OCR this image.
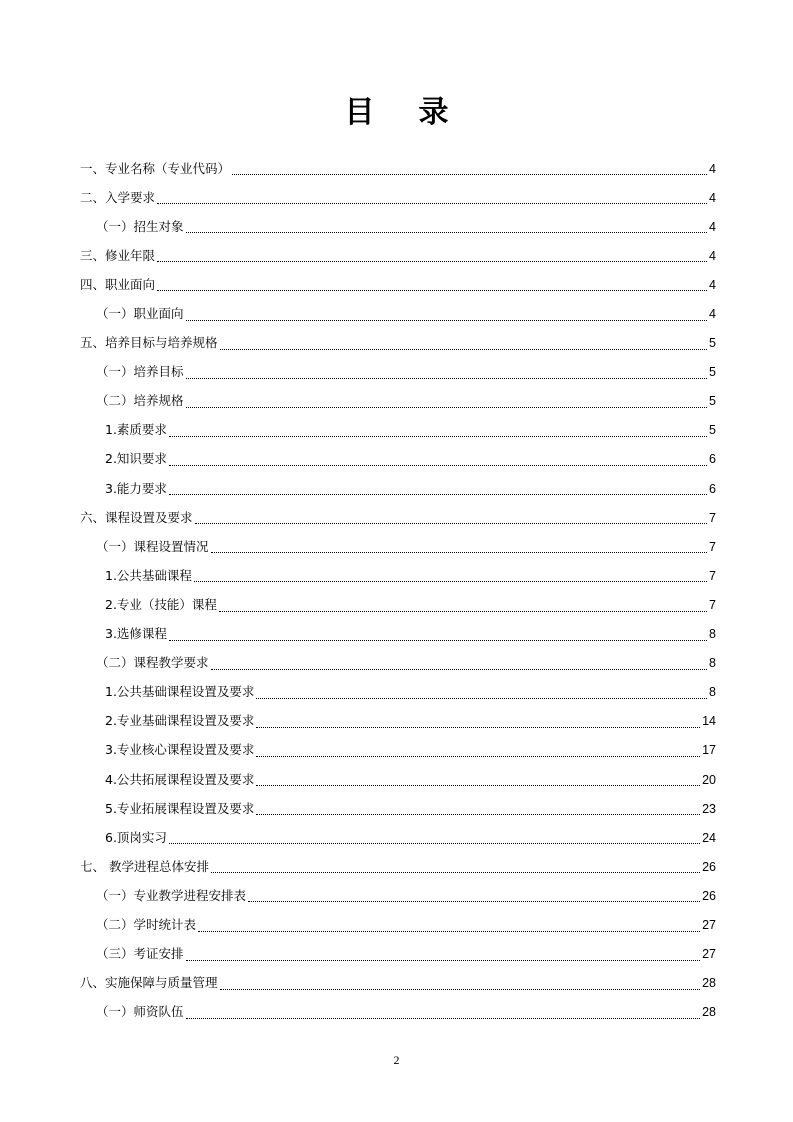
目录
一、专业名称（专业代码）	4
二、入学要求	4
（一）招生对象	4
三、修业年限	4
四、职业面向	4
（一）职业面向	4
五、培养目标与培养规格	5
（一）培养目标	5
（二）培养规格	5
1.素质要求	5
2.知识要求	6
3.能力要求	6
六、课程设置及要求	7
（一）课程设置情况	7
1.公共基础课程	7
2.专业（技能）课程	7
3.选修课程	8
（二）课程教学要求	8
1.公共基础课程设置及要求	8
2.专业基础课程设置及要求	14
3.专业核心课程设置及要求	17
4.公共拓展课程设置及要求	20
5.专业拓展课程设置及要求	23
6.顶岗实习	24
七、 教学进程总体安排	26
（一）专业教学进程安排表	26
（二）学时统计表	27
（三）考证安排	27
八、实施保障与质量管理	28
（一）师资队伍	28
2
